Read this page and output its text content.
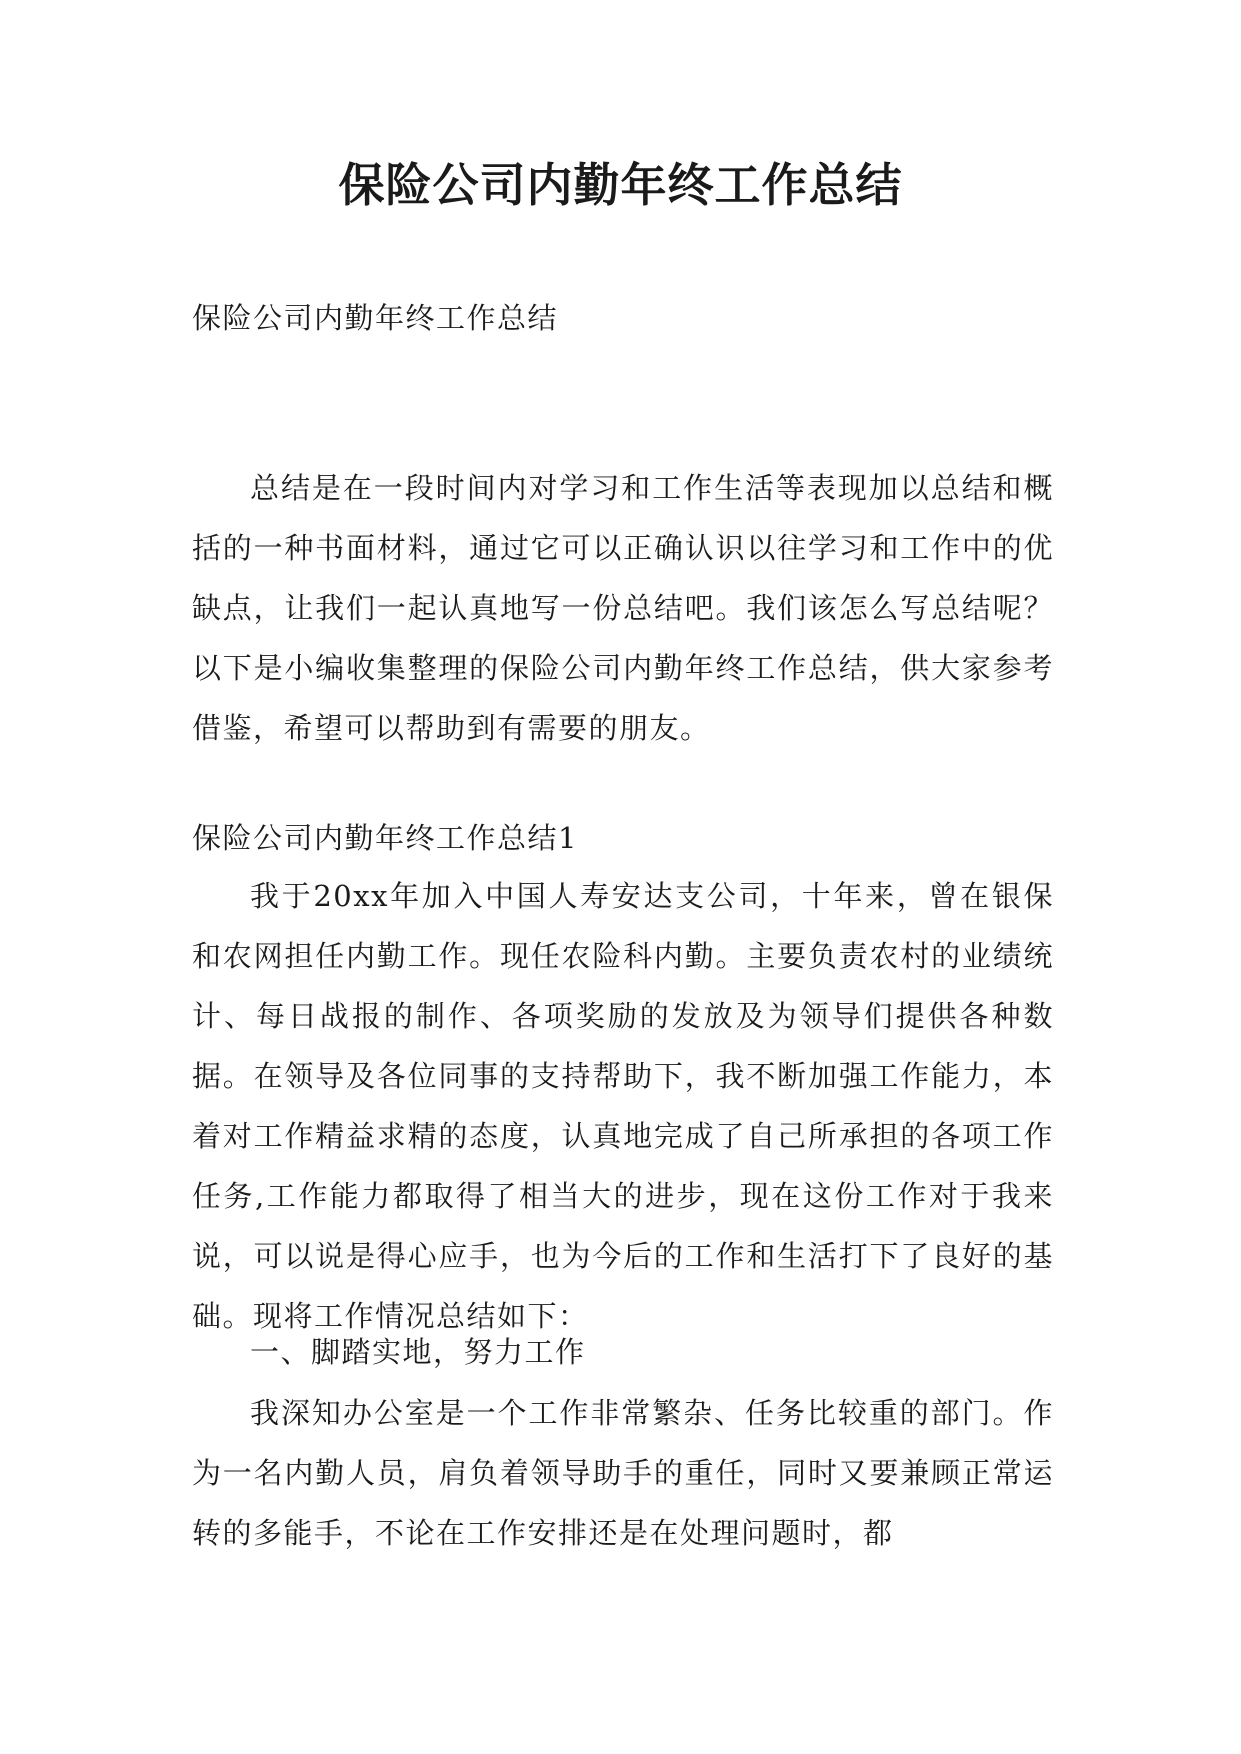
保险公司内勤年终工作总结

保险公司内勤年终工作总结

总结是在一段时间内对学习和工作生活等表现加以总结和概括的一种书面材料，通过它可以正确认识以往学习和工作中的优缺点，让我们一起认真地写一份总结吧。我们该怎么写总结呢？以下是小编收集整理的保险公司内勤年终工作总结，供大家参考借鉴，希望可以帮助到有需要的朋友。

保险公司内勤年终工作总结1

我于20xx年加入中国人寿安达支公司，十年来，曾在银保和农网担任内勤工作。现任农险科内勤。主要负责农村的业绩统计、每日战报的制作、各项奖励的发放及为领导们提供各种数据。在领导及各位同事的支持帮助下，我不断加强工作能力，本着对工作精益求精的态度，认真地完成了自己所承担的各项工作任务,工作能力都取得了相当大的进步，现在这份工作对于我来说，可以说是得心应手，也为今后的工作和生活打下了良好的基础。现将工作情况总结如下：

一、脚踏实地，努力工作

我深知办公室是一个工作非常繁杂、任务比较重的部门。作为一名内勤人员，肩负着领导助手的重任，同时又要兼顾正常运转的多能手，不论在工作安排还是在处理问题时，都
